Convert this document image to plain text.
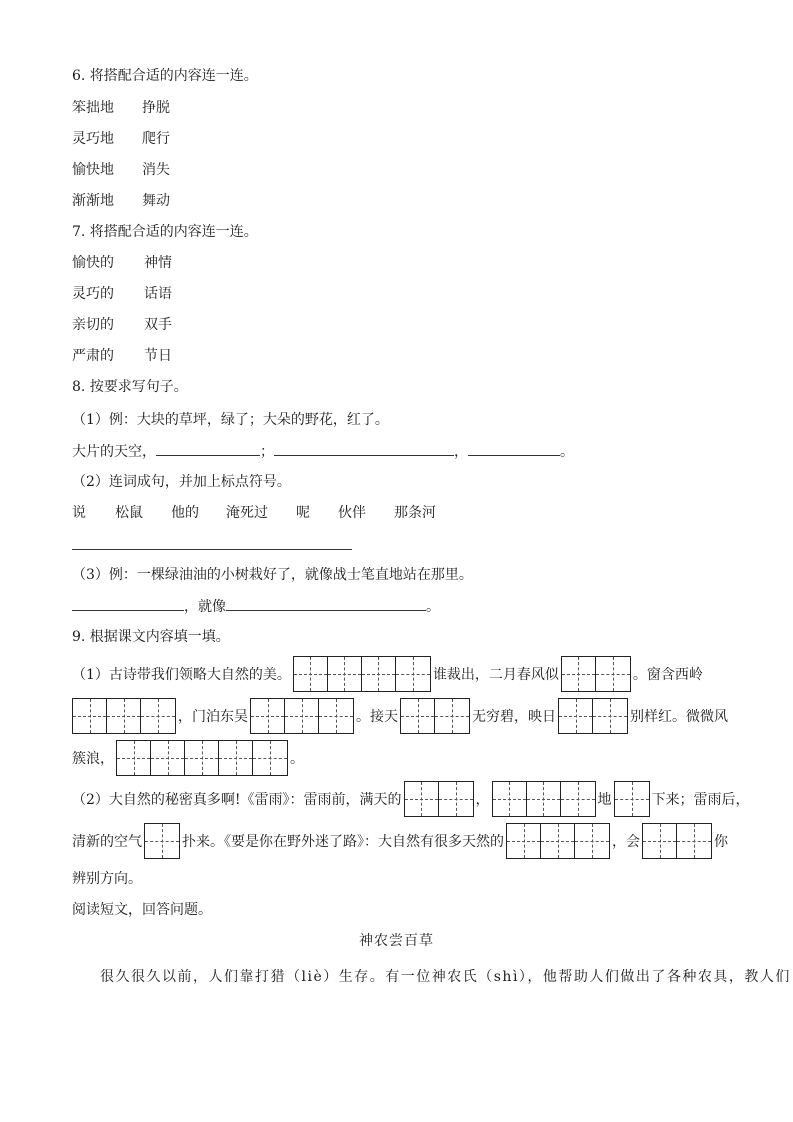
6. 将搭配合适的内容连一连。
笨拙地 挣脱
灵巧地 爬行
愉快地 消失
渐渐地 舞动
7. 将搭配合适的内容连一连。
愉快的 神情
灵巧的 话语
亲切的 双手
严肃的 节日
8. 按要求写句子。
（1）例：大块的草坪，绿了；大朵的野花，红了。
大片的天空，	；	，	。
（2）连词成句，并加上标点符号。
说 松鼠 他的 淹死过 呢 伙伴 那条河
（3）例：一棵绿油油的小树栽好了，就像战士笔直地站在那里。
，就像	。
9. 根据课文内容填一填。
（1）古诗带我们领略大自然的美。	谁裁出，二月春风似	。窗含西岭
，门泊东吴	。接天	无穷碧，映日	别样红。微微风
簇浪，	。
（2）大自然的秘密真多啊!《雷雨》：雷雨前，满天的	，	地	下来；雷雨后，
清新的空气	扑来。《要是你在野外迷了路》：大自然有很多天然的	，会	你
辨别方向。
阅读短文，回答问题。
神农尝百草
很久很久以前，人们靠打猎（liè）生存。有一位神农氏（shì），他帮助人们做出了各种农具，教人们
